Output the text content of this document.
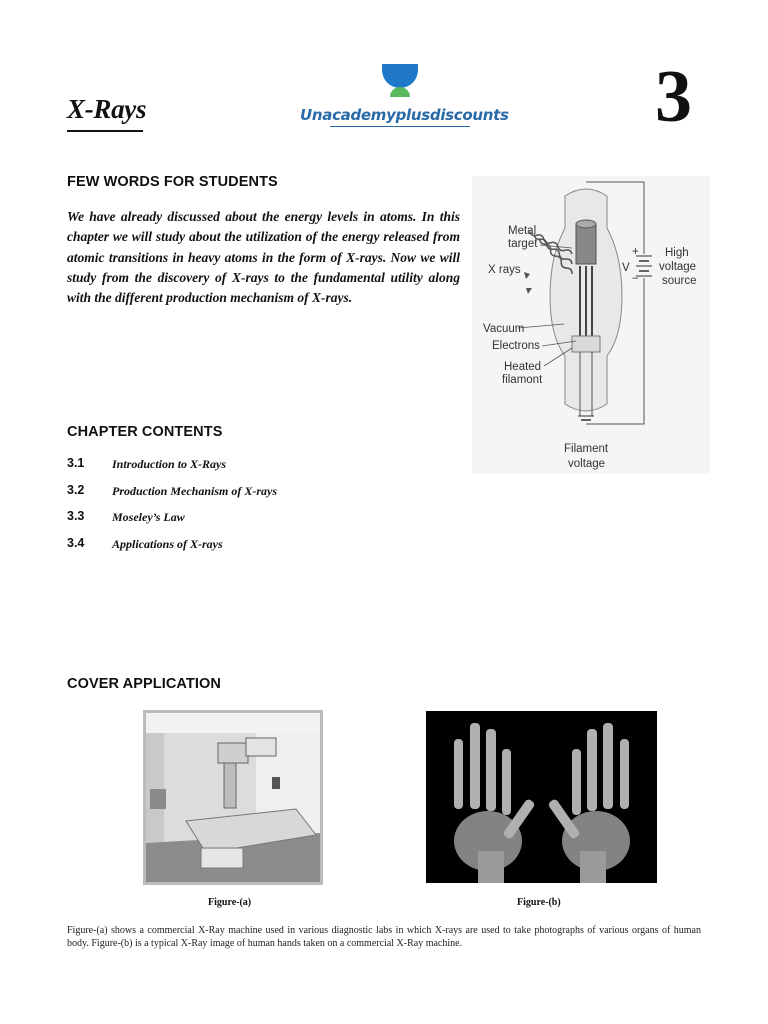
X-Rays	Unacademyplusdiscounts 3
FEW WORDS FOR STUDENTS
We have already discussed about the energy levels in atoms. In this chapter we will study about the utilization of the energy released from atomic transitions in heavy atoms in the form of X-rays. Now we will study from the discovery of X-rays to the fundamental utility along with the different production mechanism of X-rays.
Metal
target
X rays
Vacuum
Electrons
Heated
filamont
High
voltage
source
V
+
−
Filament
voltage
CHAPTER CONTENTS
3.1 Introduction to X-Rays
3.2 Production Mechanism of X-rays
3.3 Moseley’s Law
3.4 Applications of X-rays
COVER APPLICATION
Figure-(a)	Figure-(b)
Figure-(a) shows a commercial X-Ray machine used in various diagnostic labs in which X-rays are used to take photographs of various organs of human body. Figure-(b) is a typical X-Ray image of human hands taken on a commercial X-Ray machine.
